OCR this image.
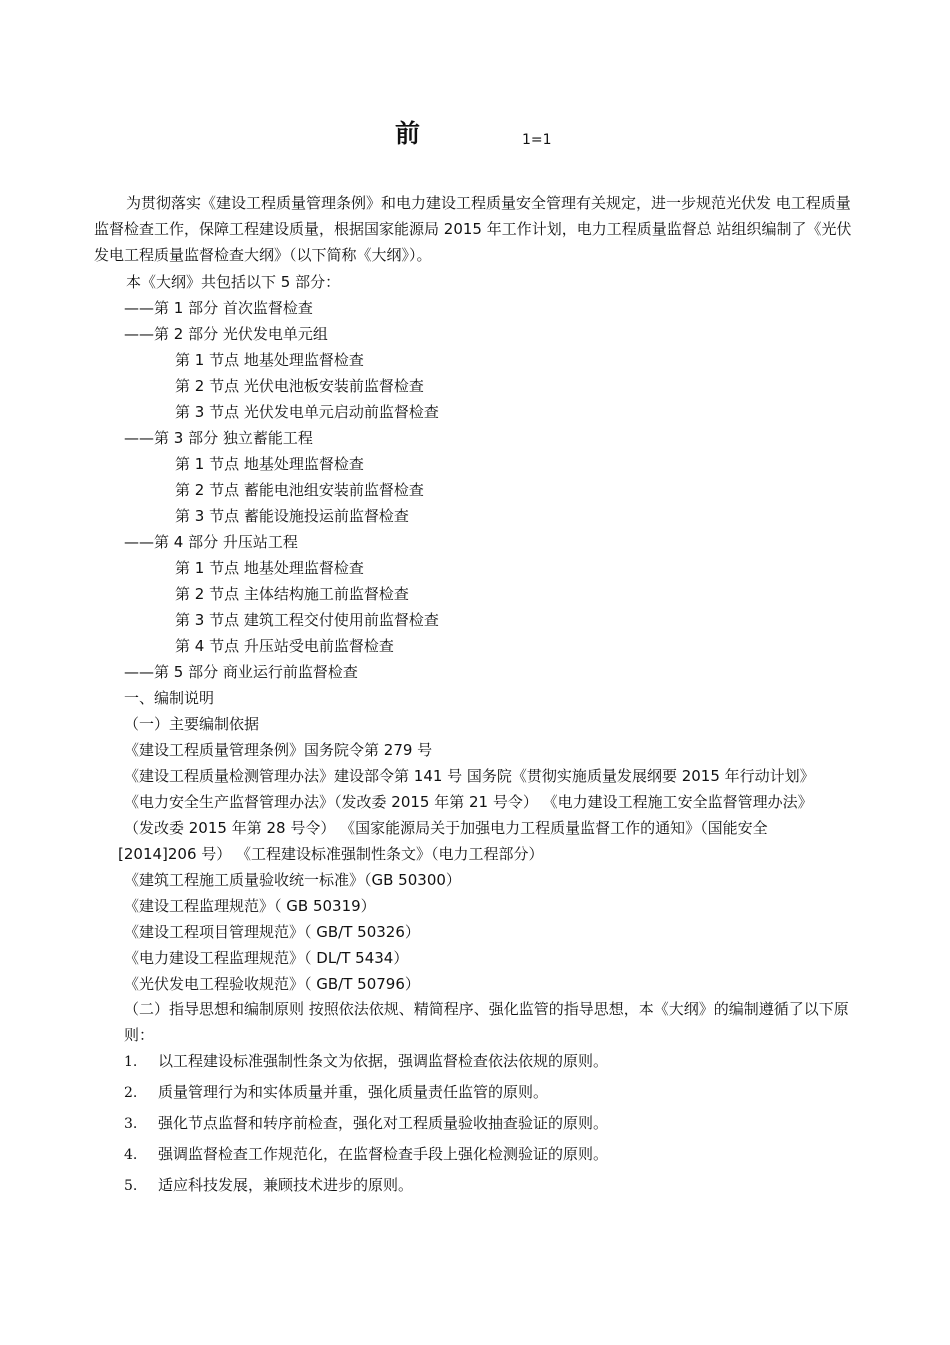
前	1=1
为贯彻落实《建设工程质量管理条例》和电力建设工程质量安全管理有关规定，进一步规范光伏发 电工程质量监督检查工作，保障工程建设质量，根据国家能源局 2015 年工作计划，电力工程质量监督总 站组织编制了《光伏发电工程质量监督检查大纲》（以下简称《大纲》）。
本《大纲》共包括以下 5 部分：
——第 1 部分 首次监督检查
——第 2 部分 光伏发电单元组
第 1 节点 地基处理监督检查
第 2 节点 光伏电池板安装前监督检查
第 3 节点 光伏发电单元启动前监督检查
——第 3 部分 独立蓄能工程
第 1 节点 地基处理监督检查
第 2 节点 蓄能电池组安装前监督检查
第 3 节点 蓄能设施投运前监督检查
——第 4 部分 升压站工程
第 1 节点 地基处理监督检查
第 2 节点 主体结构施工前监督检查
第 3 节点 建筑工程交付使用前监督检查
第 4 节点 升压站受电前监督检查
——第 5 部分 商业运行前监督检查
一、编制说明
（一）主要编制依据
《建设工程质量管理条例》国务院令第 279 号
《建设工程质量检测管理办法》建设部令第 141 号 国务院《贯彻实施质量发展纲要 2015 年行动计划》
《电力安全生产监督管理办法》（发改委 2015 年第 21 号令） 《电力建设工程施工安全监督管理办法》
（发改委 2015 年第 28 号令） 《国家能源局关于加强电力工程质量监督工作的通知》（国能安全
[2014]206 号） 《工程建设标准强制性条文》（电力工程部分）
《建筑工程施工质量验收统一标准》（GB 50300）
《建设工程监理规范》（ GB 50319）
《建设工程项目管理规范》（ GB/T 50326）
《电力建设工程监理规范》（ DL/T 5434）
《光伏发电工程验收规范》（ GB/T 50796）
（二）指导思想和编制原则 按照依法依规、精简程序、强化监管的指导思想，本《大纲》的编制遵循了以下原则：
1. 以工程建设标准强制性条文为依据，强调监督检查依法依规的原则。
2. 质量管理行为和实体质量并重，强化质量责任监管的原则。
3. 强化节点监督和转序前检查，强化对工程质量验收抽查验证的原则。
4. 强调监督检查工作规范化，在监督检查手段上强化检测验证的原则。
5. 适应科技发展，兼顾技术进步的原则。
